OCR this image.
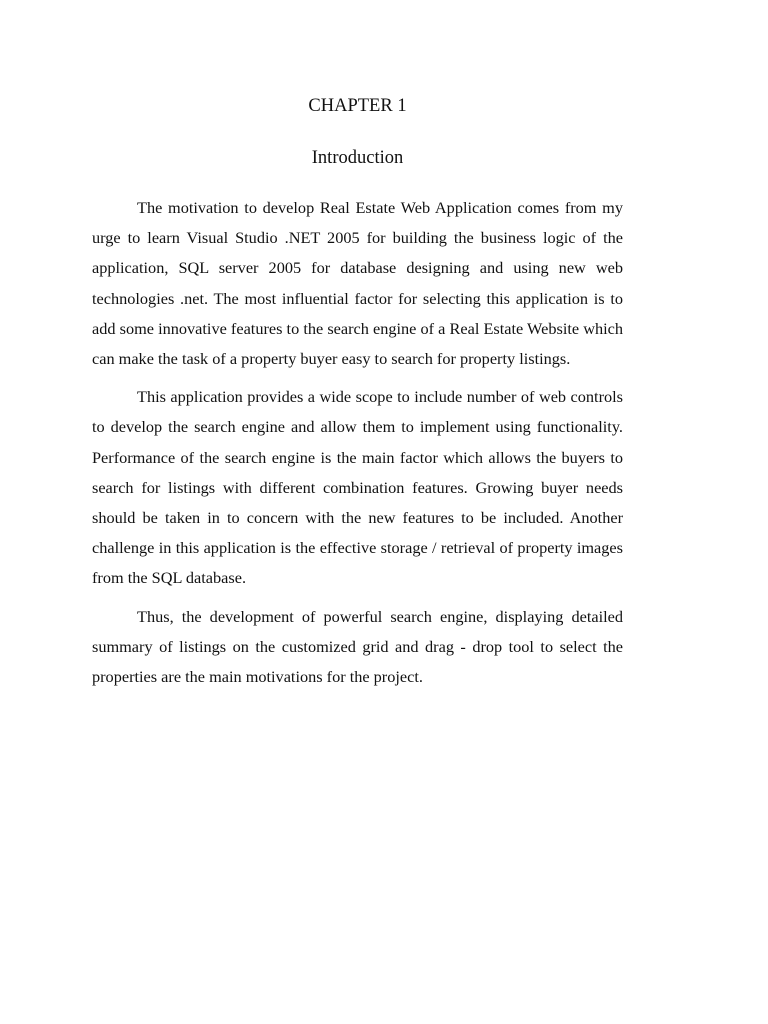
CHAPTER 1
Introduction

The motivation to develop Real Estate Web Application comes from my urge to learn Visual Studio .NET 2005 for building the business logic of the application, SQL server 2005 for database designing and using new web technologies .net. The most influential factor for selecting this application is to add some innovative features to the search engine of a Real Estate Website which can make the task of a property buyer easy to search for property listings.

This application provides a wide scope to include number of web controls to develop the search engine and allow them to implement using functionality. Performance of the search engine is the main factor which allows the buyers to search for listings with different combination features. Growing buyer needs should be taken in to concern with the new features to be included. Another challenge in this application is the effective storage / retrieval of property images from the SQL database.

Thus, the development of powerful search engine, displaying detailed summary of listings on the customized grid and drag - drop tool to select the properties are the main motivations for the project.
